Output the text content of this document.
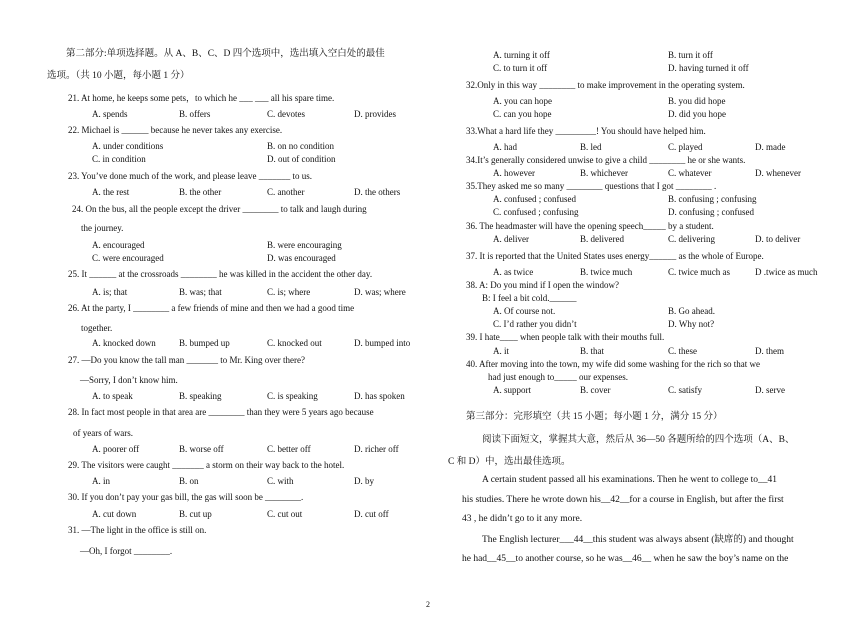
第二部分:单项选择题。从 A、B、C、D 四个选项中，选出填入空白处的最佳
选项。（共 10 小题，每小题 1 分）
21. At home, he keeps some pets，to which he ___ ___ all his spare time.
A. spends	B. offers	C. devotes	D. provides
22. Michael is ______ because he never takes any exercise.
A. under conditions	B. on no condition
C. in condition	D. out of condition
23. You’ve done much of the work, and please leave _______ to us.
A. the rest	B. the other	C. another	D. the others
24. On the bus, all the people except the driver ________ to talk and laugh during
the journey.
A. encouraged	B. were encouraging
C. were encouraged	D. was encouraged
25. It ______ at the crossroads ________ he was killed in the accident the other day.
A. is; that	B. was; that	C. is; where	D. was; where
26. At the party, I ________ a few friends of mine and then we had a good time
together.
A. knocked down	B. bumped up	C. knocked out	D. bumped into
27. —Do you know the tall man _______ to Mr. King over there?
—Sorry, I don’t know him.
A. to speak	B. speaking	C. is speaking	D. has spoken
28. In fact most people in that area are ________ than they were 5 years ago because
of years of wars.
A. poorer off	B. worse off	C. better off	D. richer off
29. The visitors were caught _______ a storm on their way back to the hotel.
A. in	B. on	C. with	D. by
30. If you don’t pay your gas bill, the gas will soon be ________.
A. cut down	B. cut up	C. cut out	D. cut off
31. —The light in the office is still on.
—Oh, I forgot ________.
A. turning it off	B. turn it off
C. to turn it off	D. having turned it off
32.Only in this way ________ to make improvement in the operating system.
A. you can hope	B. you did hope
C. can you hope	D. did you hope
33.What a hard life they _________! You should have helped him.
A. had	B. led	C. played	D. made
34.It’s generally considered unwise to give a child ________ he or she wants.
A. however	B. whichever	C. whatever	D. whenever
35.They asked me so many ________ questions that I got ________ .
A. confused ; confused	B. confusing ; confusing
C. confused ; confusing	D. confusing ; confused
36. The headmaster will have the opening speech_____ by a student.
A. deliver	B. delivered	C. delivering	D. to deliver
37. It is reported that the United States uses energy______ as the whole of Europe.
A. as twice	B. twice much	C. twice much as	D .twice as much
38. A: Do you mind if I open the window?
B: I feel a bit cold.______
A. Of course not.	B. Go ahead.
C. I’d rather you didn’t	D. Why not?
39. I hate____ when people talk with their mouths full.
A. it	B. that	C. these	D. them
40. After moving into the town, my wife did some washing for the rich so that we
had just enough to_____ our expenses.
A. support	B. cover	C. satisfy	D. serve
第三部分：完形填空（共 15 小题；每小题 1 分，满分 15 分）
阅读下面短文，掌握其大意，然后从 36—50 各题所给的四个选项（A、B、
C 和 D）中，选出最佳选项。
A certain student passed all his examinations. Then he went to college to__41
his studies. There he wrote down his__42__for a course in English, but after the first
43 , he didn’t go to it any more.
The English lecturer___44__this student was always absent (缺席的) and thought
he had__45__to another course, so he was__46__ when he saw the boy’s name on the
2
